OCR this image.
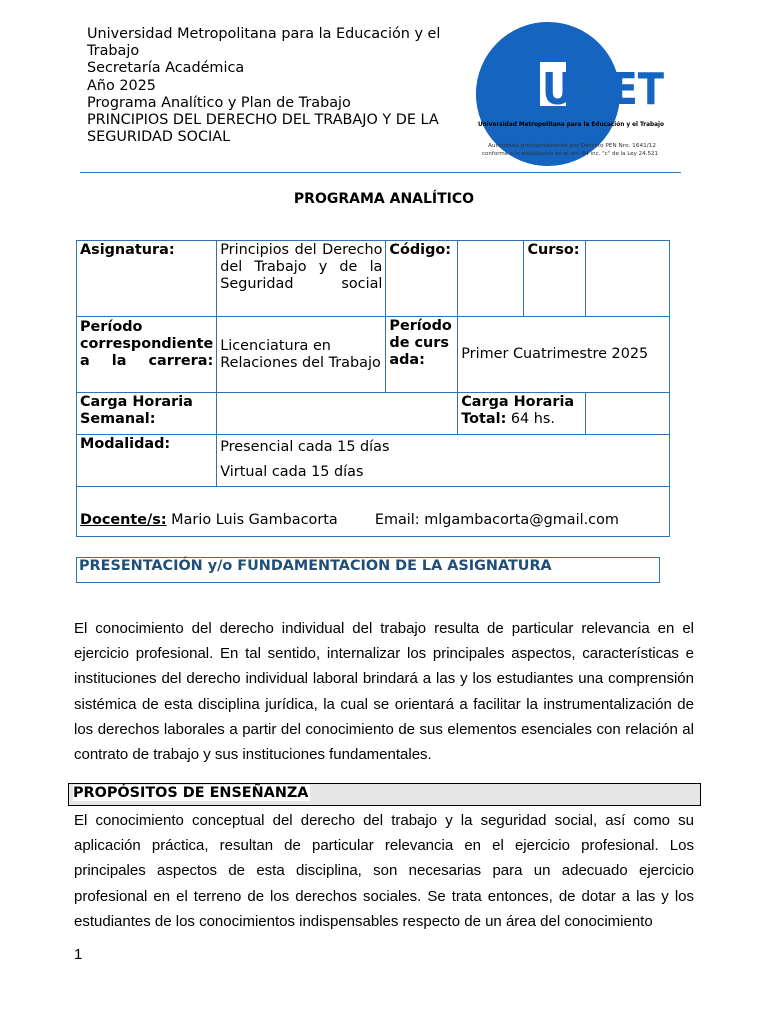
Universidad Metropolitana para la Educación y el Trabajo
Secretaría Académica
Año 2025
Programa Analítico y Plan de Trabajo
PRINCIPIOS DEL DERECHO DEL TRABAJO Y DE LA SEGURIDAD SOCIAL
UMET
Universidad Metropolitana para la Educación y el Trabajo
Autorizada provisoriamente por Decreto PEN Nro. 1641/12
conforme a lo establecido en el art. 64 inc. "c" de la Ley 24.521
PROGRAMA ANALÍTICO
Asignatura:	Principios del Derecho del Trabajo y de la Seguridad social	Código:		Curso:	
Período correspondiente a la carrera:	Licenciatura en Relaciones del Trabajo	Período de cursada:	Primer Cuatrimestre 2025		
Carga Horaria Semanal:			Carga Horaria Total: 64 hs.		
Modalidad:	Presencial cada 15 días
Virtual cada 15 días				

Docente/s: Mario Luis Gambacorta Email: mlgambacorta@gmail.com					
PRESENTACIÓN y/o FUNDAMENTACION DE LA ASIGNATURA
El conocimiento del derecho individual del trabajo resulta de particular relevancia en el ejercicio profesional. En tal sentido, internalizar los principales aspectos, características e instituciones del derecho individual laboral brindará a las y los estudiantes una comprensión sistémica de esta disciplina jurídica, la cual se orientará a facilitar la instrumentalización de los derechos laborales a partir del conocimiento de sus elementos esenciales con relación al contrato de trabajo y sus instituciones fundamentales.
PROPÓSITOS DE ENSEÑANZA
El conocimiento conceptual del derecho del trabajo y la seguridad social, así como su aplicación práctica, resultan de particular relevancia en el ejercicio profesional. Los principales aspectos de esta disciplina, son necesarias para un adecuado ejercicio profesional en el terreno de los derechos sociales. Se trata entonces, de dotar a las y los estudiantes de los conocimientos indispensables respecto de un área del conocimiento
1
